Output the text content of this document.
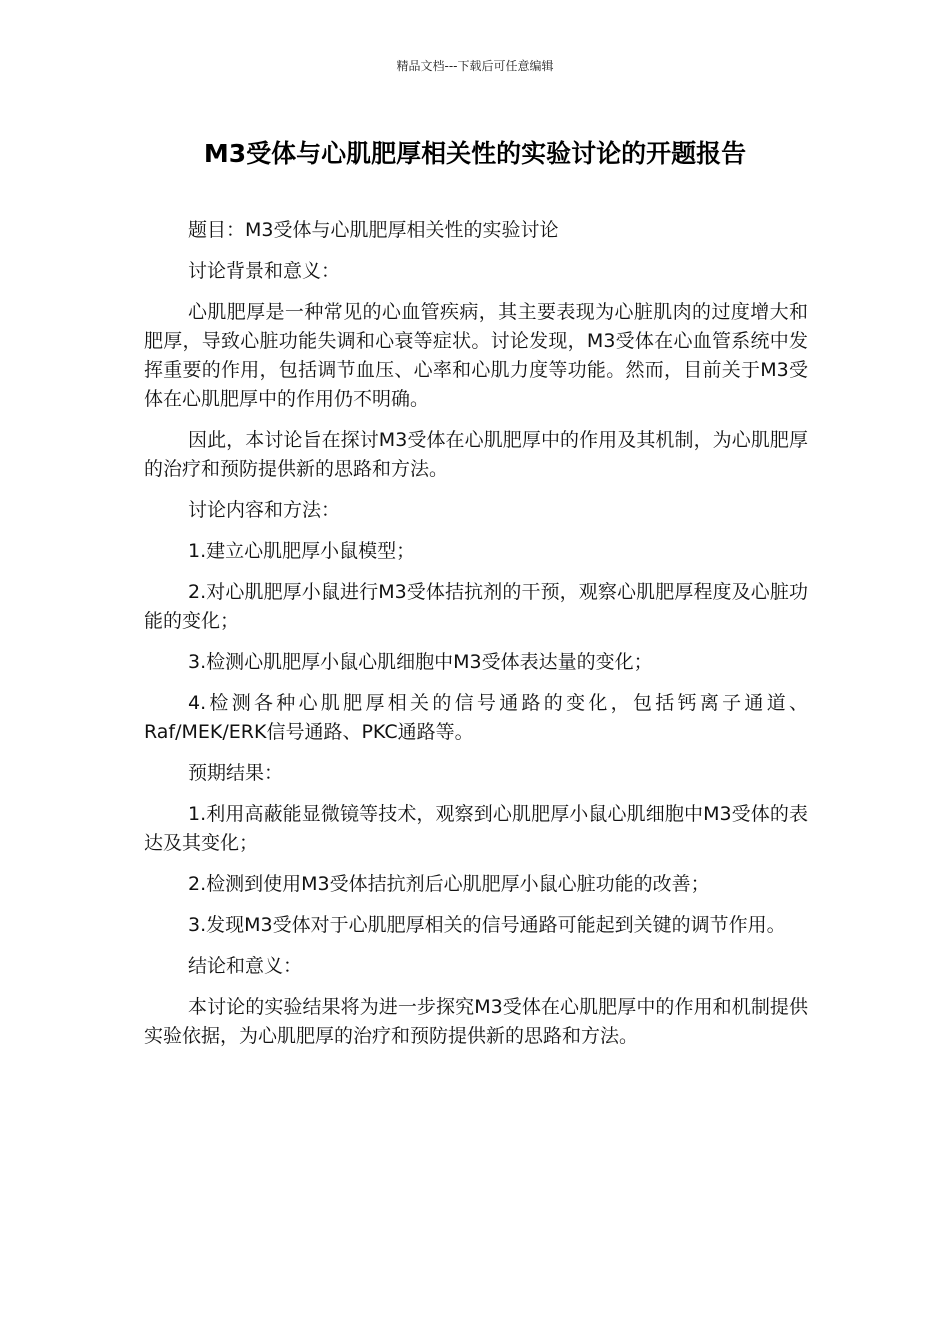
精品文档---下载后可任意编辑
M3受体与心肌肥厚相关性的实验讨论的开题报告

题目：M3受体与心肌肥厚相关性的实验讨论

讨论背景和意义：

心肌肥厚是一种常见的心血管疾病，其主要表现为心脏肌肉的过度增大和肥厚，导致心脏功能失调和心衰等症状。讨论发现，M3受体在心血管系统中发挥重要的作用，包括调节血压、心率和心肌力度等功能。然而，目前关于M3受体在心肌肥厚中的作用仍不明确。

因此，本讨论旨在探讨M3受体在心肌肥厚中的作用及其机制，为心肌肥厚的治疗和预防提供新的思路和方法。

讨论内容和方法：

1.建立心肌肥厚小鼠模型；

2.对心肌肥厚小鼠进行M3受体拮抗剂的干预，观察心肌肥厚程度及心脏功能的变化；

3.检测心肌肥厚小鼠心肌细胞中M3受体表达量的变化；

4.检测各种心肌肥厚相关的信号通路的变化，包括钙离子通道、Raf/MEK/ERK信号通路、PKC通路等。

预期结果：

1.利用高蔽能显微镜等技术，观察到心肌肥厚小鼠心肌细胞中M3受体的表达及其变化；

2.检测到使用M3受体拮抗剂后心肌肥厚小鼠心脏功能的改善；

3.发现M3受体对于心肌肥厚相关的信号通路可能起到关键的调节作用。

结论和意义：

本讨论的实验结果将为进一步探究M3受体在心肌肥厚中的作用和机制提供实验依据，为心肌肥厚的治疗和预防提供新的思路和方法。
